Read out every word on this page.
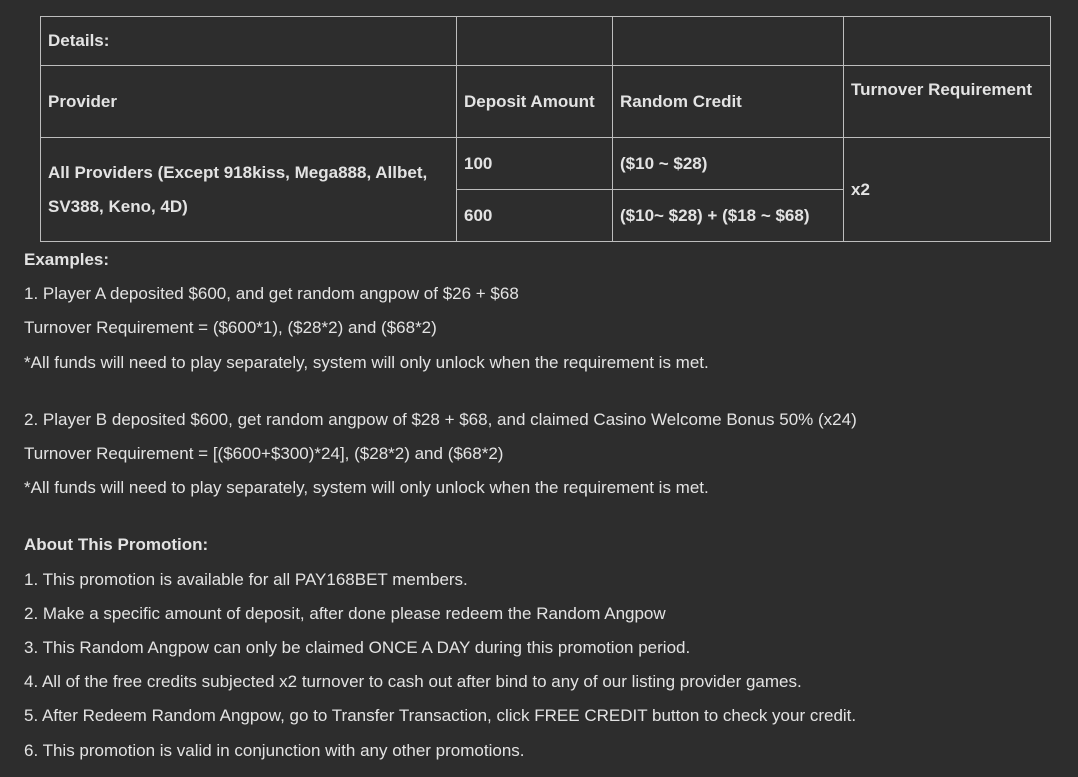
Details:			
Provider	Deposit Amount	Random Credit	Turnover Requirement
All Providers (Except 918kiss, Mega888, Allbet, SV388, Keno, 4D)	100	($10 ~ $28)	x2
	600	($10~ $28) + ($18 ~ $68)	

Examples:

1. Player A deposited $600, and get random angpow of $26 + $68

Turnover Requirement = ($600*1), ($28*2) and ($68*2)

*All funds will need to play separately, system will only unlock when the requirement is met.

2. Player B deposited $600, get random angpow of $28 + $68, and claimed Casino Welcome Bonus 50% (x24)

Turnover Requirement = [($600+$300)*24], ($28*2) and ($68*2)

*All funds will need to play separately, system will only unlock when the requirement is met.

About This Promotion:

1. This promotion is available for all PAY168BET members.

2. Make a specific amount of deposit, after done please redeem the Random Angpow

3. This Random Angpow can only be claimed ONCE A DAY during this promotion period.

4. All of the free credits subjected x2 turnover to cash out after bind to any of our listing provider games.

5. After Redeem Random Angpow, go to Transfer Transaction, click FREE CREDIT button to check your credit.

6. This promotion is valid in conjunction with any other promotions.
